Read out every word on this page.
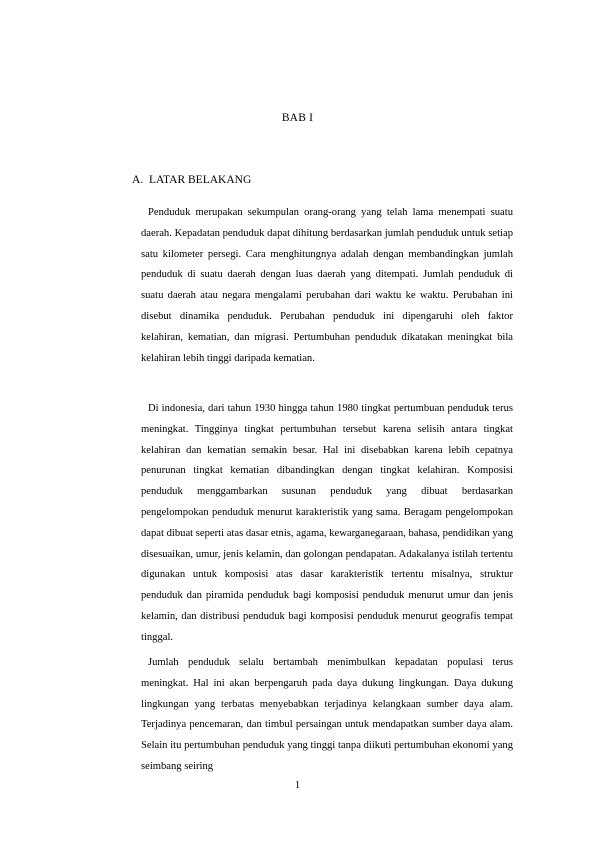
BAB I
A. LATAR BELAKANG

Penduduk merupakan sekumpulan orang-orang yang telah lama menempati suatu daerah. Kepadatan penduduk dapat dihitung berdasarkan jumlah penduduk untuk setiap satu kilometer persegi. Cara menghitungnya adalah dengan membandingkan jumlah penduduk di suatu daerah dengan luas daerah yang ditempati. Jumlah penduduk di suatu daerah atau negara mengalami perubahan dari waktu ke waktu. Perubahan ini disebut dinamika penduduk. Perubahan penduduk ini dipengaruhi oleh faktor kelahiran, kematian, dan migrasi. Pertumbuhan penduduk dikatakan meningkat bila kelahiran lebih tinggi daripada kematian.

Di indonesia, dari tahun 1930 hingga tahun 1980 tingkat pertumbuan penduduk terus meningkat. Tingginya tingkat pertumbuhan tersebut karena selisih antara tingkat kelahiran dan kematian semakin besar. Hal ini disebabkan karena lebih cepatnya penurunan tingkat kematian dibandingkan dengan tingkat kelahiran. Komposisi penduduk menggambarkan susunan penduduk yang dibuat berdasarkan pengelompokan penduduk menurut karakteristik yang sama. Beragam pengelompokan dapat dibuat seperti atas dasar etnis, agama, kewarganegaraan, bahasa, pendidikan yang disesuaikan, umur, jenis kelamin, dan golongan pendapatan. Adakalanya istilah tertentu digunakan untuk komposisi atas dasar karakteristik tertentu misalnya, struktur penduduk dan piramida penduduk bagi komposisi penduduk menurut umur dan jenis kelamin, dan distribusi penduduk bagi komposisi penduduk menurut geografis tempat tinggal.

Jumlah penduduk selalu bertambah menimbulkan kepadatan populasi terus meningkat. Hal ini akan berpengaruh pada daya dukung lingkungan. Daya dukung lingkungan yang terbatas menyebabkan terjadinya kelangkaan sumber daya alam. Terjadinya pencemaran, dan timbul persaingan untuk mendapatkan sumber daya alam. Selain itu pertumbuhan penduduk yang tinggi tanpa diikuti pertumbuhan ekonomi yang seimbang seiring

1
